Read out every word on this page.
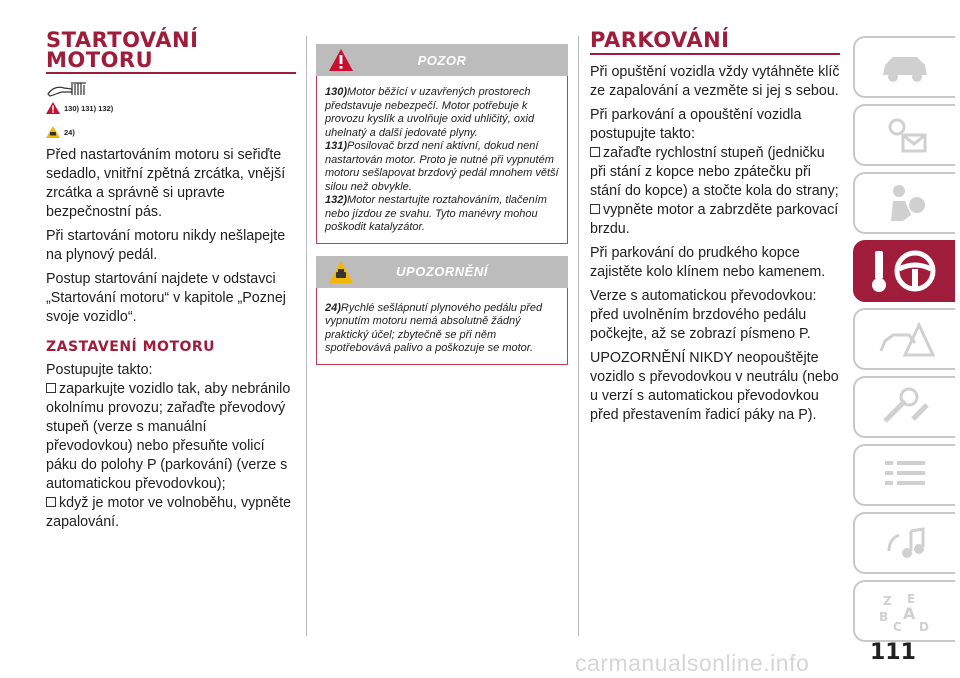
STARTOVÁNÍ
MOTORU
130) 131) 132)
24)

Před nastartováním motoru si seřiďte sedadlo, vnitřní zpětná zrcátka, vnější zrcátka a správně si upravte bezpečnostní pás.

Při startování motoru nikdy nešlapejte na plynový pedál.

Postup startování najdete v odstavci „Startování motoru“ v kapitole „Poznej svoje vozidlo“.

ZASTAVENÍ MOTORU

Postupujte takto:

zaparkujte vozidlo tak, aby nebránilo okolnímu provozu; zařaďte převodový stupeň (verze s manuální převodovkou) nebo přesuňte volicí páku do polohy P (parkování) (verze s automatickou převodovkou);

když je motor ve volnoběhu, vypněte zapalování.

POZOR

130)Motor běžící v uzavřených prostorech představuje nebezpečí. Motor potřebuje k provozu kyslík a uvolňuje oxid uhličitý, oxid uhelnatý a další jedovaté plyny.

131)Posilovač brzd není aktivní, dokud není nastartován motor. Proto je nutné při vypnutém motoru sešlapovat brzdový pedál mnohem větší silou než obvykle.

132)Motor nestartujte roztahováním, tlačením nebo jízdou ze svahu. Tyto manévry mohou poškodit katalyzátor.

UPOZORNĚNÍ

24)Rychlé sešlápnutí plynového pedálu před vypnutím motoru nemá absolutně žádný praktický účel; zbytečně se při něm spotřebovává palivo a poškozuje se motor.

PARKOVÁNÍ

Při opuštění vozidla vždy vytáhněte klíč ze zapalování a vezměte si jej s sebou.

Při parkování a opouštění vozidla postupujte takto:

zařaďte rychlostní stupeň (jedničku při stání z kopce nebo zpátečku při stání do kopce) a stočte kola do strany;

vypněte motor a zabrzděte parkovací brzdu.

Při parkování do prudkého kopce zajistěte kolo klínem nebo kamenem.

Verze s automatickou převodovkou: před uvolněním brzdového pedálu počkejte, až se zobrazí písmeno P.

UPOZORNĚNÍ NIKDY neopouštějte vozidlo s převodovkou v neutrálu (nebo u verzí s automatickou převodovkou před přestavením řadicí páky na P).

Z E
B A
C D
111
carmanualsonline.info
